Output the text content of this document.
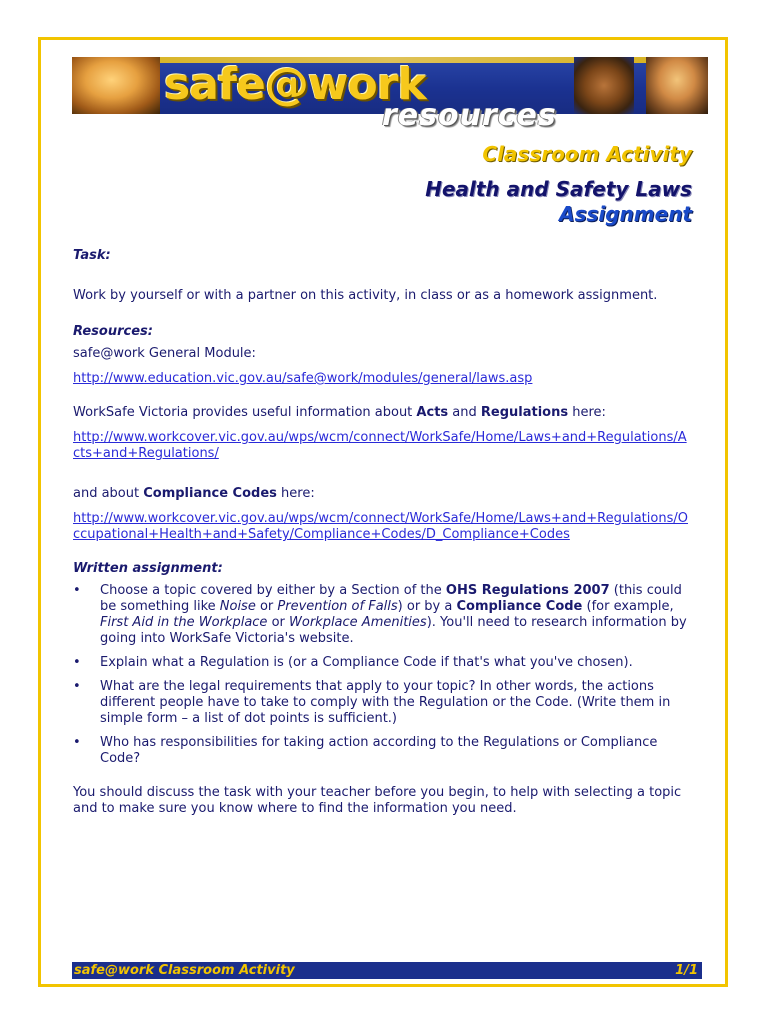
safe@work
resources
Classroom Activity
Health and Safety Laws
Assignment

Task:

Work by yourself or with a partner on this activity, in class or as a homework assignment.

Resources:

safe@work General Module:

http://www.education.vic.gov.au/safe@work/modules/general/laws.asp

WorkSafe Victoria provides useful information about Acts and Regulations here:

http://www.workcover.vic.gov.au/wps/wcm/connect/WorkSafe/Home/Laws+and+Regulations/Acts+and+Regulations/

and about Compliance Codes here:

http://www.workcover.vic.gov.au/wps/wcm/connect/WorkSafe/Home/Laws+and+Regulations/Occupational+Health+and+Safety/Compliance+Codes/D_Compliance+Codes

Written assignment:

• Choose a topic covered by either by a Section of the OHS Regulations 2007 (this could be something like Noise or Prevention of Falls) or by a Compliance Code (for example, First Aid in the Workplace or Workplace Amenities). You'll need to research information by going into WorkSafe Victoria's website.
• Explain what a Regulation is (or a Compliance Code if that's what you've chosen).
• What are the legal requirements that apply to your topic? In other words, the actions different people have to take to comply with the Regulation or the Code. (Write them in simple form – a list of dot points is sufficient.)
• Who has responsibilities for taking action according to the Regulations or Compliance Code?

You should discuss the task with your teacher before you begin, to help with selecting a topic and to make sure you know where to find the information you need.

safe@work Classroom Activity	1/1
